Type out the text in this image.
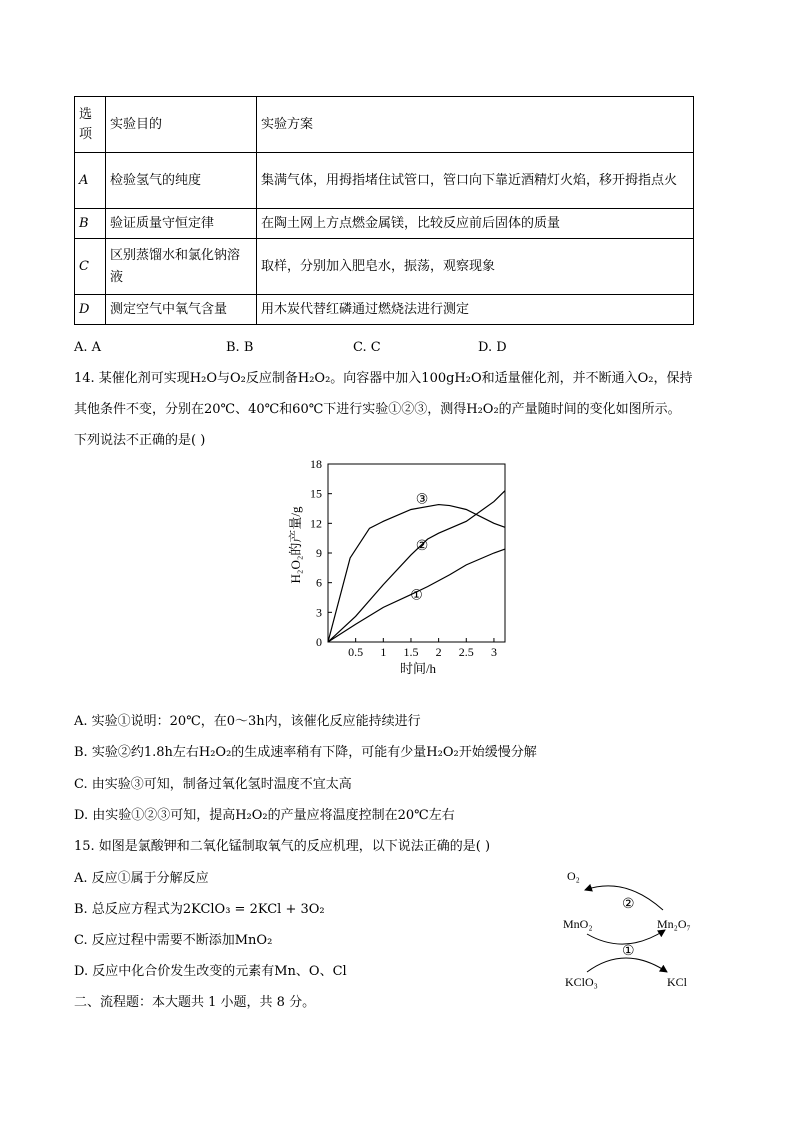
选项	实验目的	实验方案
A	检验氢气的纯度	集满气体，用拇指堵住试管口，管口向下靠近酒精灯火焰，移开拇指点火
B	验证质量守恒定律	在陶土网上方点燃金属镁，比较反应前后固体的质量
C	区别蒸馏水和氯化钠溶液	取样，分别加入肥皂水，振荡，观察现象
D	测定空气中氧气含量	用木炭代替红磷通过燃烧法进行测定
A. A	B. B	C. C	D. D
14. 某催化剂可实现H₂O与O₂反应制备H₂O₂。向容器中加入100gH₂O和适量催化剂，并不断通入O₂，保持
其他条件不变，分别在20℃、40℃和60℃下进行实验①②③，测得H₂O₂的产量随时间的变化如图所示。
下列说法不正确的是( )
0
3
6
9
12
15
18
0.5 1 1.5 2 2.5 3
①
②
③
时间/h
H₂O₂的产量/g
A. 实验①说明：20℃，在0～3h内，该催化反应能持续进行
B. 实验②约1.8h左右H₂O₂的生成速率稍有下降，可能有少量H₂O₂开始缓慢分解
C. 由实验③可知，制备过氧化氢时温度不宜太高
D. 由实验①②③可知，提高H₂O₂的产量应将温度控制在20℃左右
15. 如图是氯酸钾和二氧化锰制取氧气的反应机理，以下说法正确的是( )
A. 反应①属于分解反应
B. 总反应方程式为2KClO₃ = 2KCl + 3O₂
C. 反应过程中需要不断添加MnO₂
D. 反应中化合价发生改变的元素有Mn、O、Cl
O₂
②
MnO₂	Mn₂O₇
①
KClO₃	KCl
二、流程题：本大题共 1 小题，共 8 分。
